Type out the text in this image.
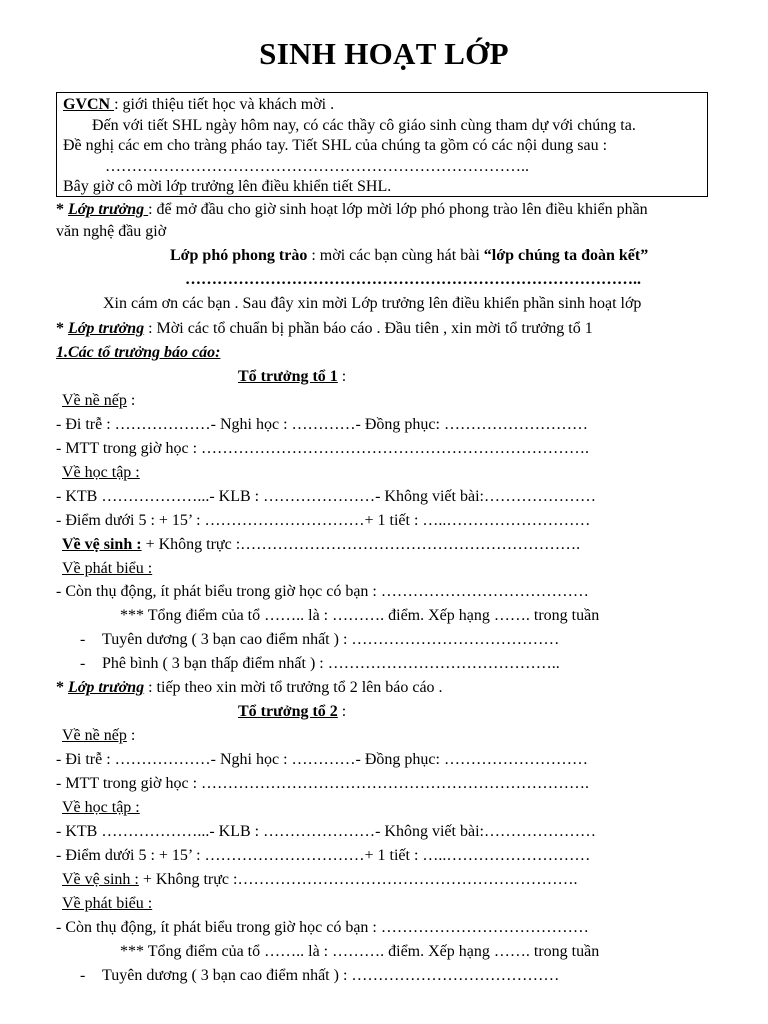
SINH HOẠT LỚP
GVCN : giới thiệu tiết học và khách mời .
Đến với tiết SHL ngày hôm nay, có các thầy cô giáo sinh cùng tham dự với chúng ta.
Đề nghị các em cho tràng pháo tay. Tiết SHL của chúng ta gồm có các nội dung sau :
……………………………………………………………………..
Bây giờ cô mời lớp trưởng lên điều khiển tiết SHL.
* Lớp trưởng : để mở đầu cho giờ sinh hoạt lớp mời lớp phó phong trào lên điều khiển phần
văn nghệ đầu giờ
Lớp phó phong trào : mời các bạn cùng hát bài “lớp chúng ta đoàn kết”
…………………………………………………………………………..
Xin cám ơn các bạn . Sau đây xin mời Lớp trưởng lên điều khiển phần sinh hoạt lớp
* Lớp trưởng : Mời các tổ chuẩn bị phần báo cáo . Đầu tiên , xin mời tổ trưởng tổ 1
1.Các tổ trưởng báo cáo:
Tổ trưởng tổ 1 :
Về nề nếp :
- Đi trễ : ………………- Nghi học : …………- Đồng phục: ………………………
- MTT trong giờ học : ……………………………………………………………….
Về học tập :
- KTB ………………...- KLB : …………………- Không viết bài:…………………
- Điểm dưới 5 : + 15’ : …………………………+ 1 tiết : …..………………………
Về vệ sinh : + Không trực :……………………………………………………….
Về phát biểu :
- Còn thụ động, ít phát biểu trong giờ học có bạn : …………………………………
*** Tổng điểm của tổ …….. là : ………. điểm. Xếp hạng ……. trong tuần
- Tuyên dương ( 3 bạn cao điểm nhất ) : …………………………………
- Phê bình ( 3 bạn thấp điểm nhất ) : ……………………………………..
* Lớp trưởng : tiếp theo xin mời tổ trưởng tổ 2 lên báo cáo .
Tổ trưởng tổ 2 :
Về nề nếp :
- Đi trễ : ………………- Nghi học : …………- Đồng phục: ………………………
- MTT trong giờ học : ……………………………………………………………….
Về học tập :
- KTB ………………...- KLB : …………………- Không viết bài:…………………
- Điểm dưới 5 : + 15’ : …………………………+ 1 tiết : …..………………………
Về vệ sinh : + Không trực :……………………………………………………….
Về phát biểu :
- Còn thụ động, ít phát biểu trong giờ học có bạn : …………………………………
*** Tổng điểm của tổ …….. là : ………. điểm. Xếp hạng ……. trong tuần
- Tuyên dương ( 3 bạn cao điểm nhất ) : …………………………………
